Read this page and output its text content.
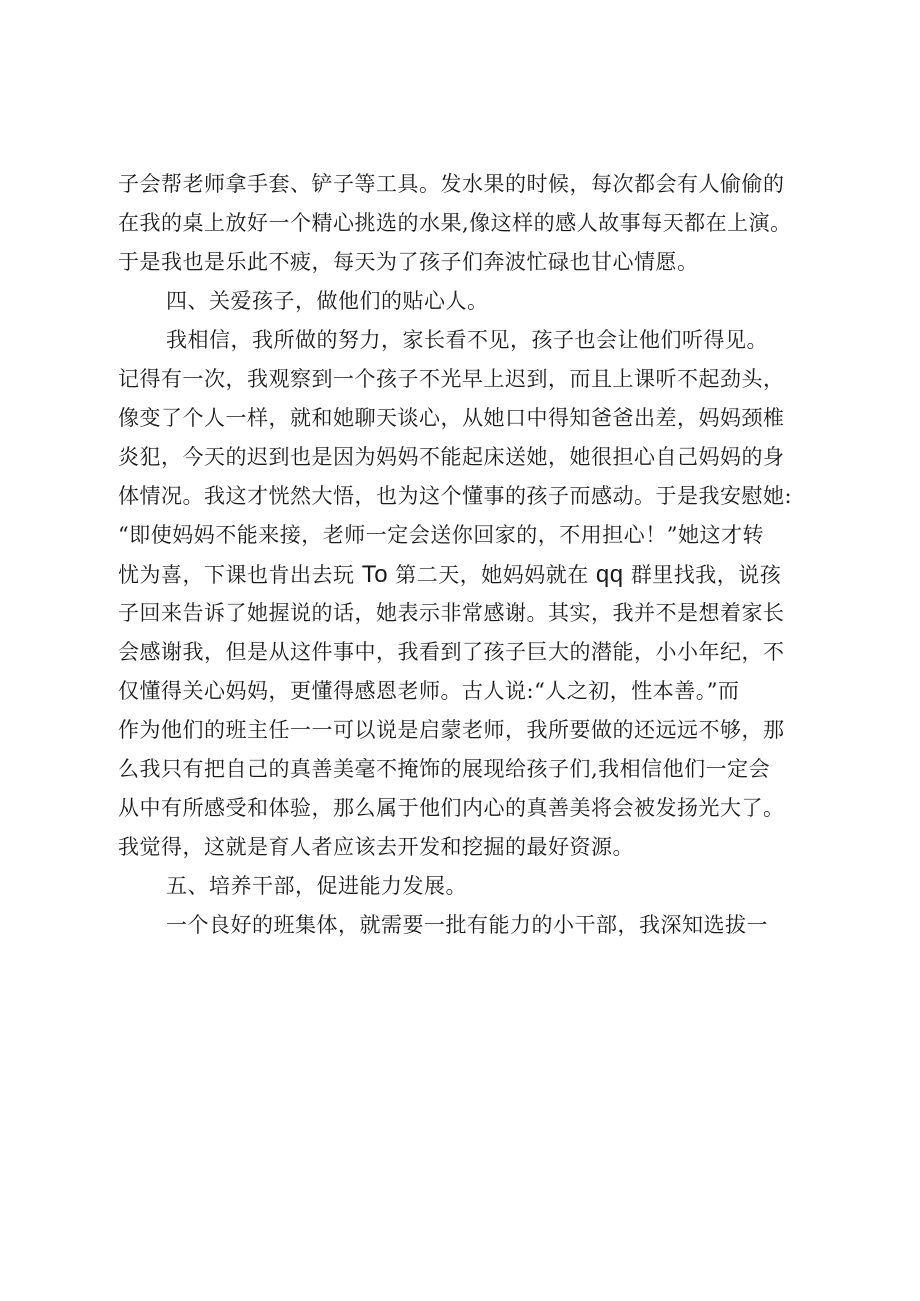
子会帮老师拿手套、铲子等工具。发水果的时候，每次都会有人偷偷的
在我的桌上放好一个精心挑选的水果,像这样的感人故事每天都在上演。
于是我也是乐此不疲，每天为了孩子们奔波忙碌也甘心情愿。
四、关爱孩子，做他们的贴心人。
我相信，我所做的努力，家长看不见，孩子也会让他们听得见。
记得有一次，我观察到一个孩子不光早上迟到，而且上课听不起劲头，
像变了个人一样，就和她聊天谈心，从她口中得知爸爸出差，妈妈颈椎
炎犯，今天的迟到也是因为妈妈不能起床送她，她很担心自己妈妈的身
体情况。我这才恍然大悟，也为这个懂事的孩子而感动。于是我安慰她:
“即使妈妈不能来接，老师一定会送你回家的，不用担心！”她这才转
忧为喜，下课也肯出去玩 To 第二天，她妈妈就在 qq 群里找我，说孩
子回来告诉了她握说的话，她表示非常感谢。其实，我并不是想着家长
会感谢我，但是从这件事中，我看到了孩子巨大的潜能，小小年纪，不
仅懂得关心妈妈，更懂得感恩老师。古人说:“人之初，性本善。”而
作为他们的班主任一一可以说是启蒙老师，我所要做的还远远不够，那
么我只有把自己的真善美毫不掩饰的展现给孩子们,我相信他们一定会
从中有所感受和体验，那么属于他们内心的真善美将会被发扬光大了。
我觉得，这就是育人者应该去开发和挖掘的最好资源。
五、培养干部，促进能力发展。
一个良好的班集体，就需要一批有能力的小干部，我深知选拔一
